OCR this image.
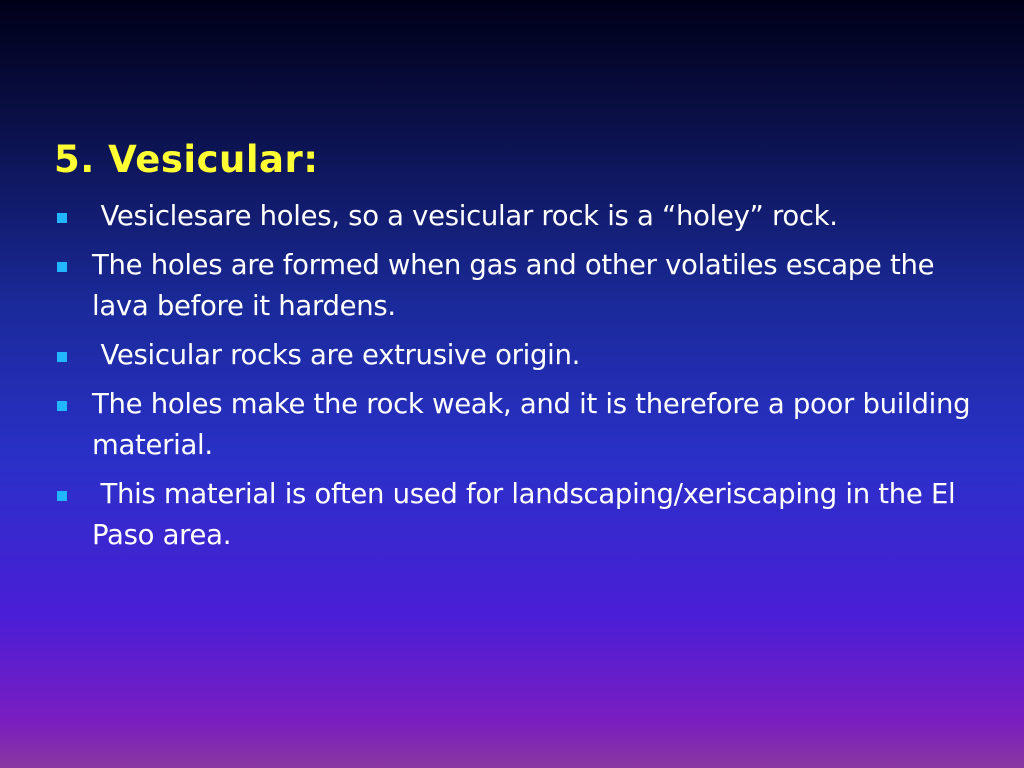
5. Vesicular:
Vesiclesare holes, so a vesicular rock is a “holey” rock.
The holes are formed when gas and other volatiles escape the lava before it hardens.
Vesicular rocks are extrusive origin.
The holes make the rock weak, and it is therefore a poor building material.
This material is often used for landscaping/xeriscaping in the El Paso area.
